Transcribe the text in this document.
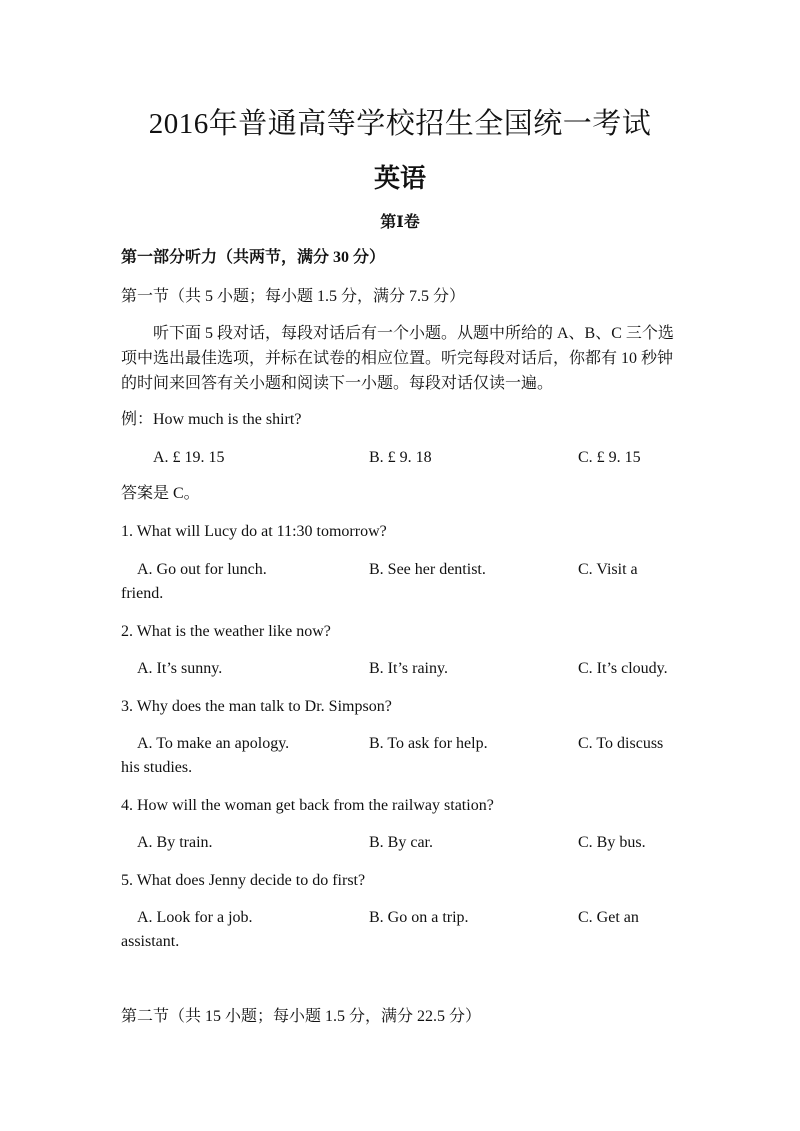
2016年普通高等学校招生全国统一考试
英语
第Ⅰ卷
第一部分听力（共两节，满分 30 分）
第一节（共 5 小题；每小题 1.5 分，满分 7.5 分）
　　听下面 5 段对话，每段对话后有一个小题。从题中所给的 A、B、C 三个选
项中选出最佳选项，并标在试卷的相应位置。听完每段对话后，你都有 10 秒钟
的时间来回答有关小题和阅读下一小题。每段对话仅读一遍。
例：How much is the shirt?
A. £ 19. 15	B. £ 9. 18	C. £ 9. 15
答案是 C。
1. What will Lucy do at 11:30 tomorrow?
A. Go out for lunch.	B. See her dentist.	C. Visit a
friend.
2. What is the weather like now?
A. It’s sunny.	B. It’s rainy.	C. It’s cloudy.
3. Why does the man talk to Dr. Simpson?
A. To make an apology.	B. To ask for help.	C. To discuss
his studies.
4. How will the woman get back from the railway station?
A. By train.	B. By car.	C. By bus.
5. What does Jenny decide to do first?
A. Look for a job.	B. Go on a trip.	C. Get an
assistant.
第二节（共 15 小题；每小题 1.5 分，满分 22.5 分）
